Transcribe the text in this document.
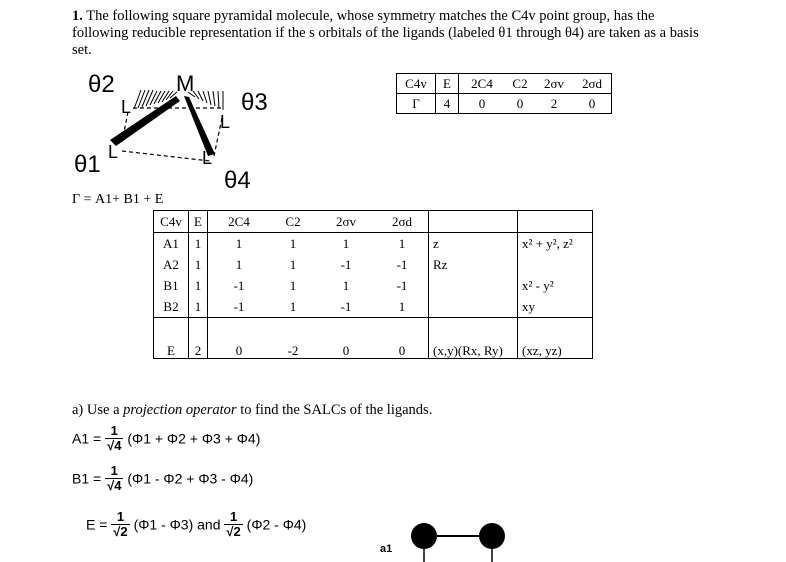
1. The following square pyramidal molecule, whose symmetry matches the C4v point group, has the following reducible representation if the s orbitals of the ligands (labeled θ1 through θ4) are taken as a basis set.
M
L
L
L	L
θ2
θ3
θ1
θ4
C4v	E	2C4	C2	2σv	2σd
Γ	4	0	0	2	0
Γ = A1+ B1 + E
C4v	E	2C4	C2	2σv	2σd		
A1	1	1	1	1	1	z	x² + y², z²
A2	1	1	1	-1	-1	Rz	
B1	1	-1	1	1	-1		x² - y²
B2	1	-1	1	-1	1		xy
E	2	0	-2	0	0	(x,y)(Rx, Ry)	(xz, yz)
a) Use a projection operator to find the SALCs of the ligands.
$A1 = \frac{1}{√4} (\Phi 1 + \Phi 2 + \Phi 3 + \Phi 4)$
$B1 = \frac{1}{√4} (\Phi 1 - \Phi 2 + \Phi 3 - \Phi 4)$
$E = \frac{1}{√2} (\Phi 1 - \Phi 3)$ and $\frac{1}{√2} (\Phi 2 - \Phi 4)$
a1
